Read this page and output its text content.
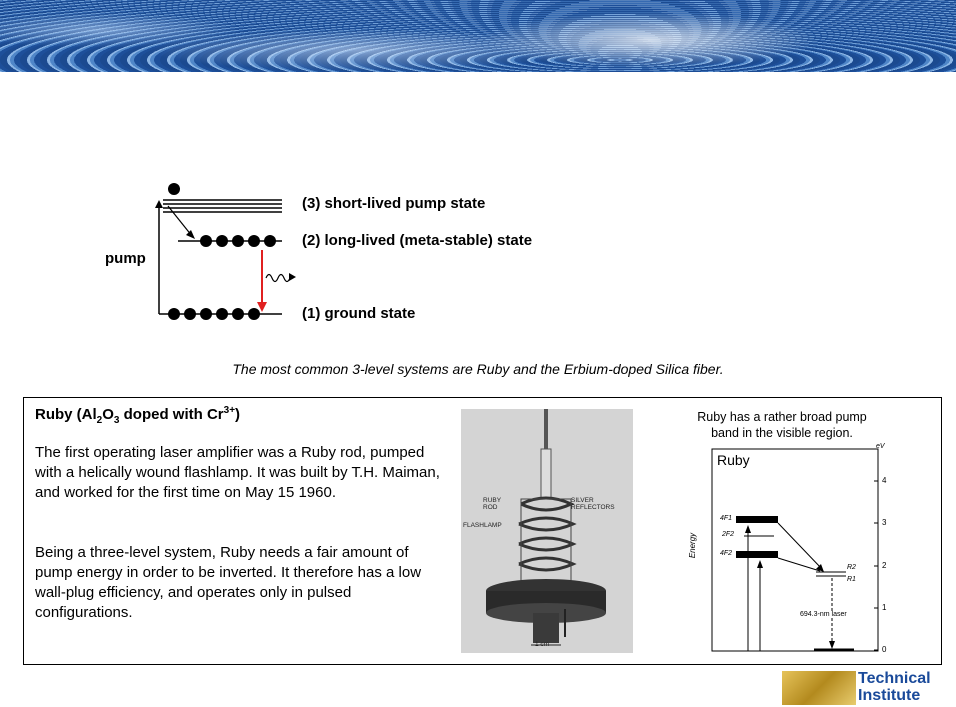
(3) short-lived pump state
(2) long-lived (meta-stable) state
(1) ground state
pump
The most common 3-level systems are Ruby and the Erbium-doped Silica fiber.
Ruby ($Al_2O_3$ doped with $Cr^{3+}$)
The first operating laser amplifier was a Ruby rod, pumped with a helically wound flashlamp. It was built by T.H. Maiman, and worked for the first time on May 15 1960.
Being a three-level system, Ruby needs a fair amount of pump energy in order to be inverted. It therefore has a low wall-plug efficiency, and operates only in pulsed configurations.
RUBY ROD
SILVER REFLECTORS
FLASHLAMP
1 cm
Ruby has a rather broad pump band in the visible region.
Ruby
eV
Energy
4
3
2
1
0
4F1
2F2
4F2
R2
R1
694.3-nm laser
Technical
Institute
